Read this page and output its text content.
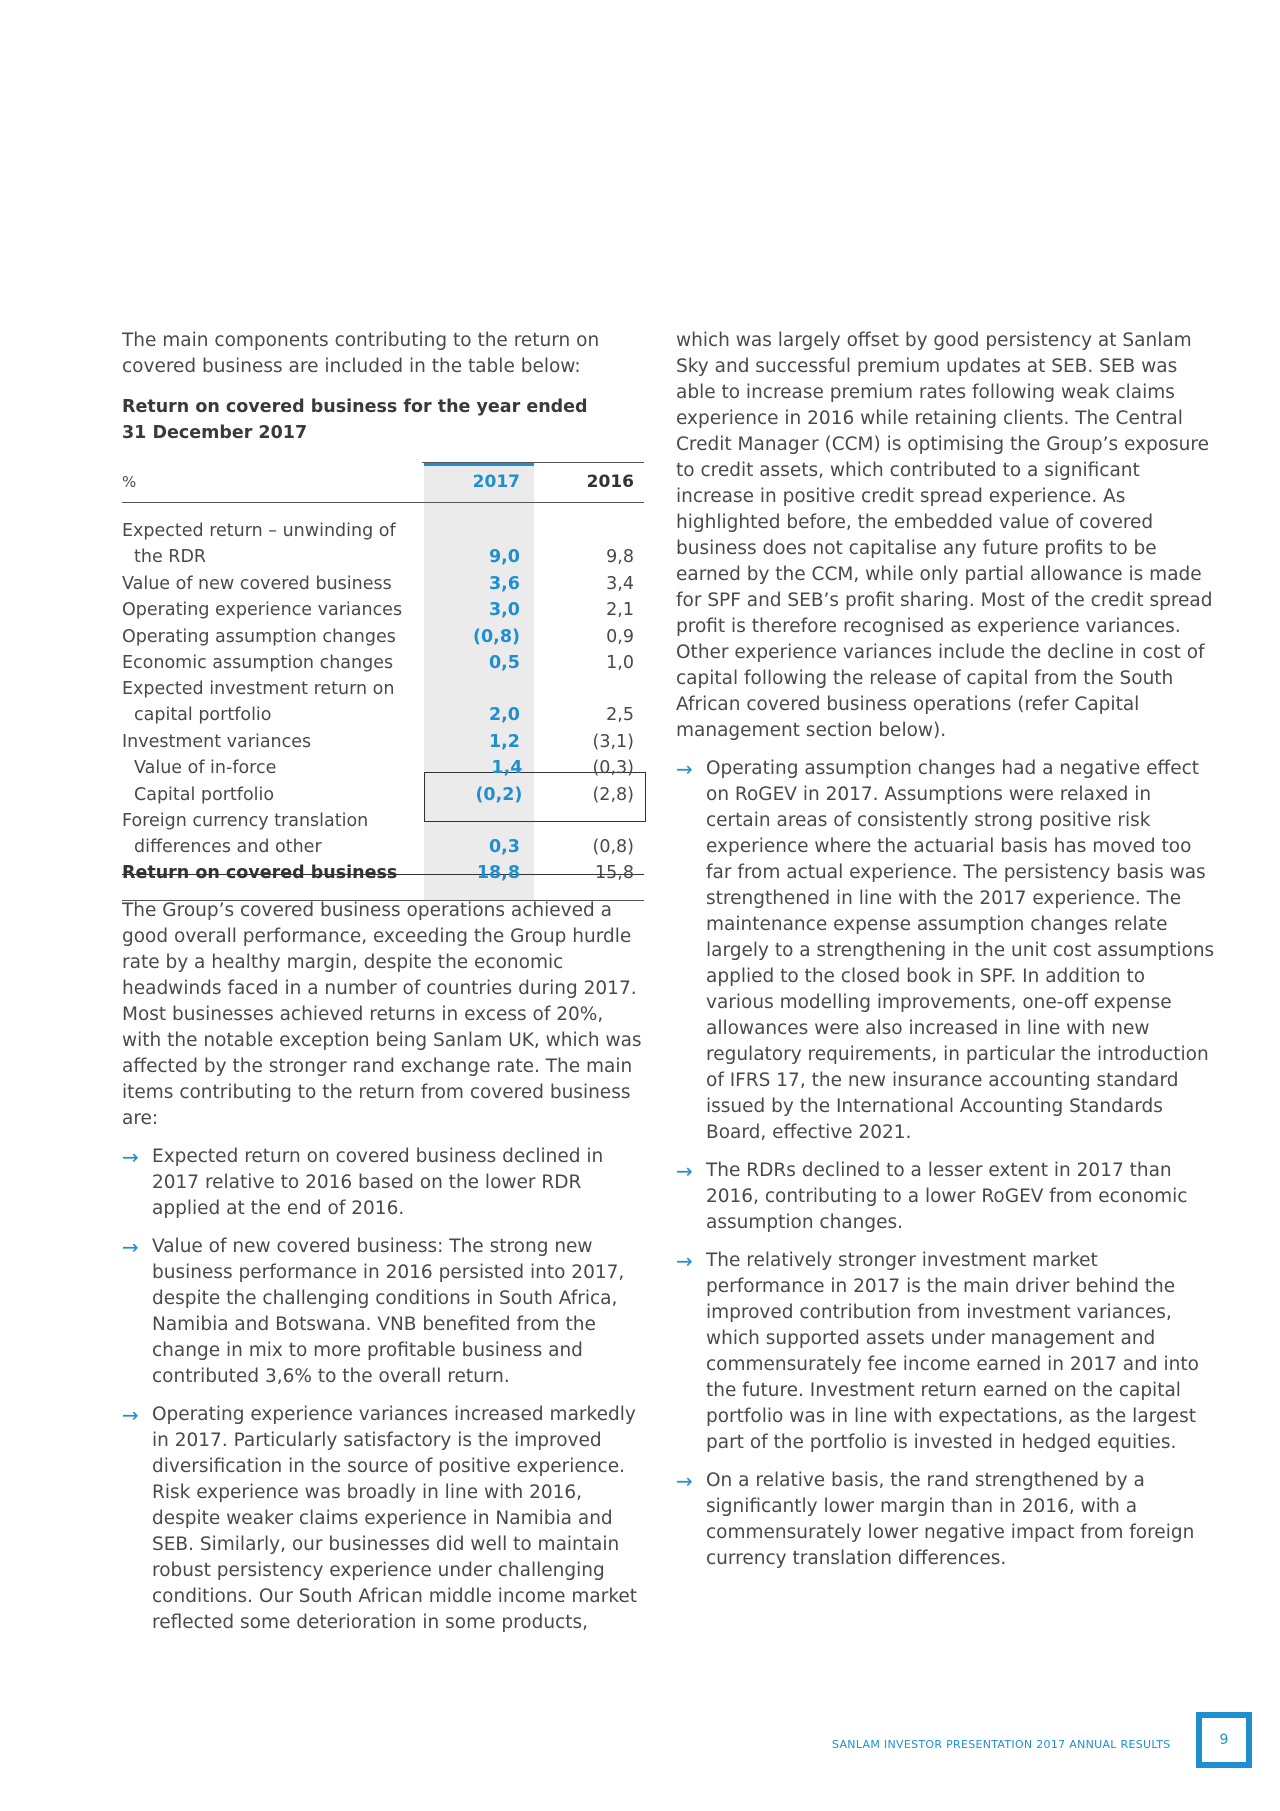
The main components contributing to the return on covered business are included in the table below:

Return on covered business for the year ended
31 December 2017
%	2017	2016
Expected return – unwinding of
the RDR	9,0	9,8
Value of new covered business	3,6	3,4
Operating experience variances	3,0	2,1
Operating assumption changes	(0,8)	0,9
Economic assumption changes	0,5	1,0
Expected investment return on
capital portfolio	2,0	2,5
Investment variances	1,2	(3,1)
Value of in-force	1,4	(0,3)
Capital portfolio	(0,2)	(2,8)
Foreign currency translation
differences and other	0,3	(0,8)
Return on covered business	18,8	15,8

The Group’s covered business operations achieved a good overall performance, exceeding the Group hurdle rate by a healthy margin, despite the economic headwinds faced in a number of countries during 2017. Most businesses achieved returns in excess of 20%, with the notable exception being Sanlam UK, which was affected by the stronger rand exchange rate. The main items contributing to the return from covered business are:

→ Expected return on covered business declined in 2017 relative to 2016 based on the lower RDR applied at the end of 2016.
→ Value of new covered business: The strong new business performance in 2016 persisted into 2017, despite the challenging conditions in South Africa, Namibia and Botswana. VNB benefited from the change in mix to more profitable business and contributed 3,6% to the overall return.
→ Operating experience variances increased markedly in 2017. Particularly satisfactory is the improved diversification in the source of positive experience. Risk experience was broadly in line with 2016, despite weaker claims experience in Namibia and SEB. Similarly, our businesses did well to maintain robust persistency experience under challenging conditions. Our South African middle income market reflected some deterioration in some products,

which was largely offset by good persistency at Sanlam Sky and successful premium updates at SEB. SEB was able to increase premium rates following weak claims experience in 2016 while retaining clients. The Central Credit Manager (CCM) is optimising the Group’s exposure to credit assets, which contributed to a significant increase in positive credit spread experience. As highlighted before, the embedded value of covered business does not capitalise any future profits to be earned by the CCM, while only partial allowance is made for SPF and SEB’s profit sharing. Most of the credit spread profit is therefore recognised as experience variances. Other experience variances include the decline in cost of capital following the release of capital from the South African covered business operations (refer Capital management section below).

→ Operating assumption changes had a negative effect on RoGEV in 2017. Assumptions were relaxed in certain areas of consistently strong positive risk experience where the actuarial basis has moved too far from actual experience. The persistency basis was strengthened in line with the 2017 experience. The maintenance expense assumption changes relate largely to a strengthening in the unit cost assumptions applied to the closed book in SPF. In addition to various modelling improvements, one-off expense allowances were also increased in line with new regulatory requirements, in particular the introduction of IFRS 17, the new insurance accounting standard issued by the International Accounting Standards Board, effective 2021.
→ The RDRs declined to a lesser extent in 2017 than 2016, contributing to a lower RoGEV from economic assumption changes.
→ The relatively stronger investment market performance in 2017 is the main driver behind the improved contribution from investment variances, which supported assets under management and commensurately fee income earned in 2017 and into the future. Investment return earned on the capital portfolio was in line with expectations, as the largest part of the portfolio is invested in hedged equities.
→ On a relative basis, the rand strengthened by a significantly lower margin than in 2016, with a commensurately lower negative impact from foreign currency translation differences.
SANLAM INVESTOR PRESENTATION 2017 ANNUAL RESULTS	9
